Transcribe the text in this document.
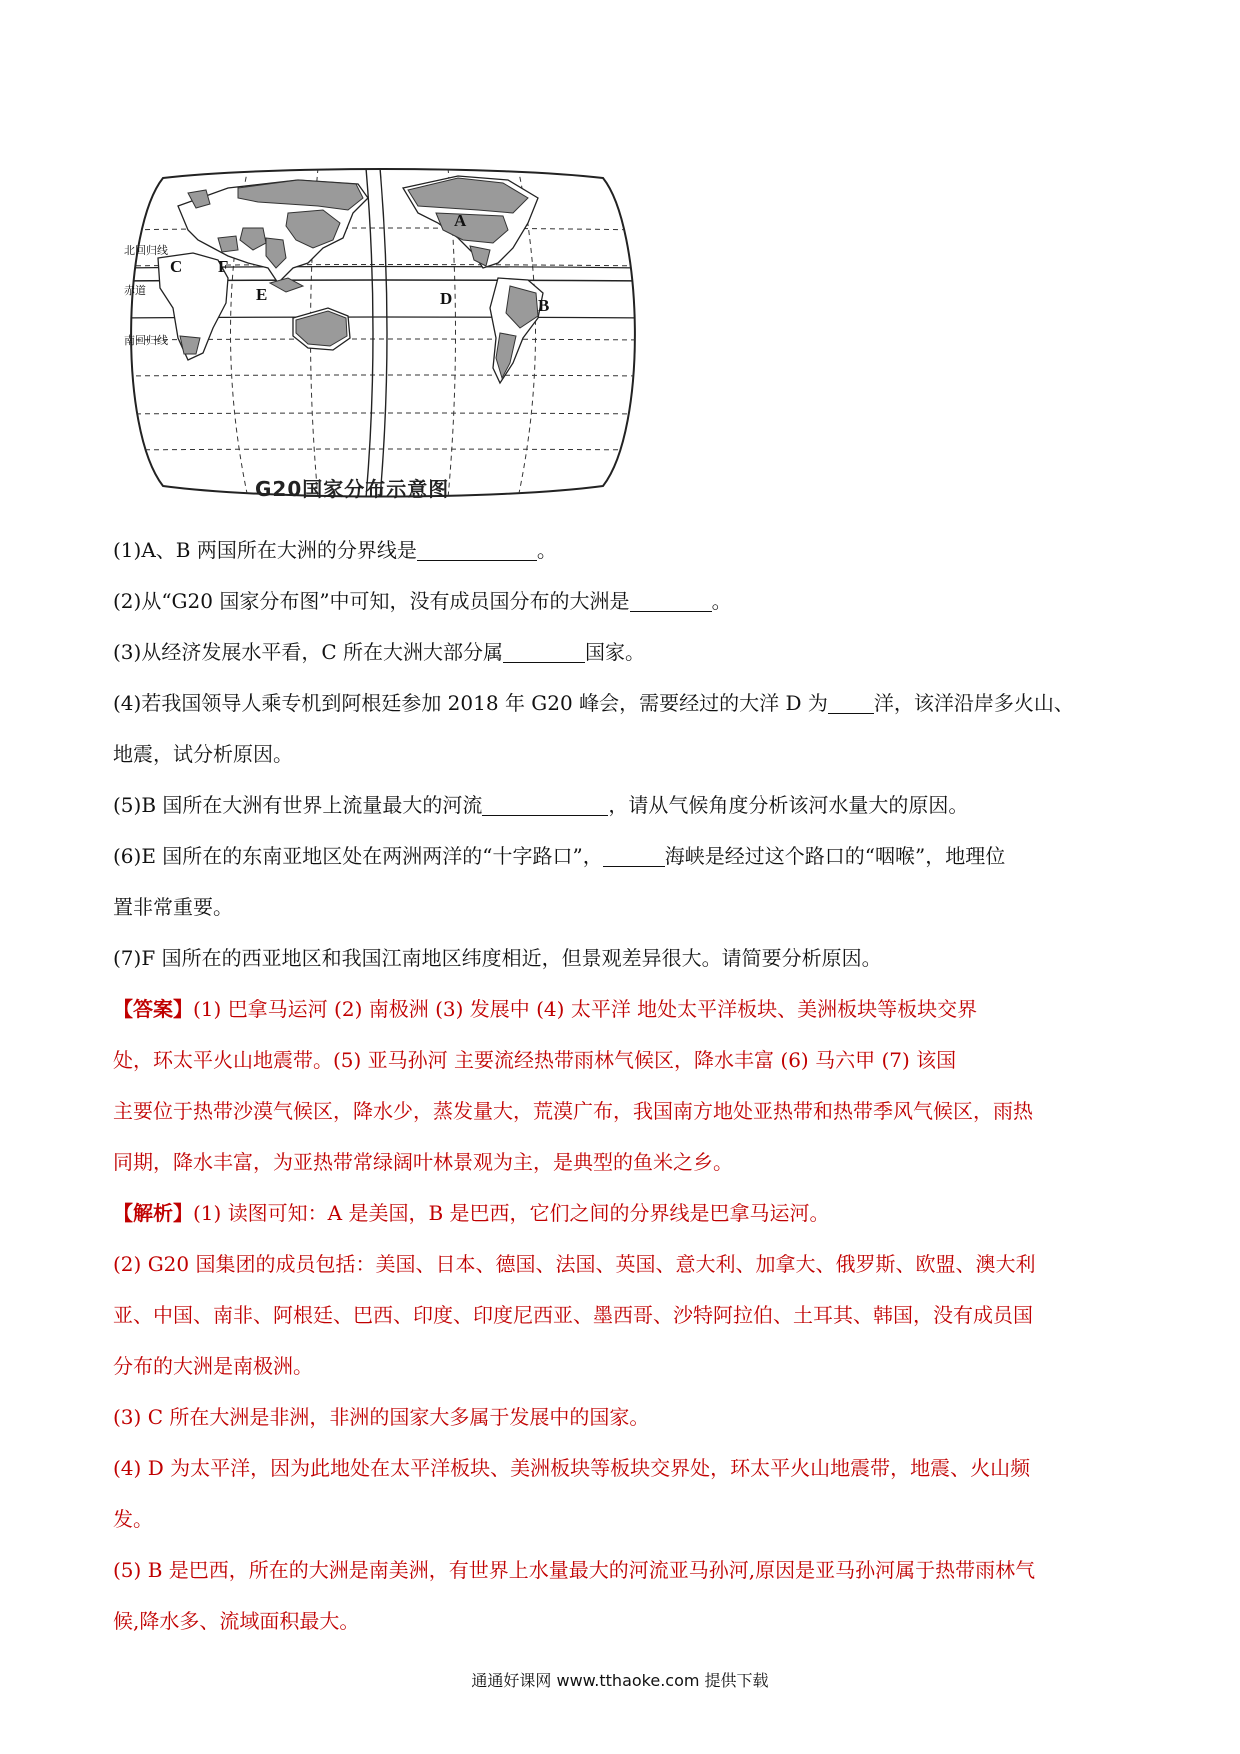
A
B
C
D
E
F
北回归线
赤道
南回归线
G20国家分布示意图
(1)A、B 两国所在大洲的分界线是	。
(2)从“G20 国家分布图”中可知，没有成员国分布的大洲是	。
(3)从经济发展水平看，C 所在大洲大部分属	国家。
(4)若我国领导人乘专机到阿根廷参加 2018 年 G20 峰会，需要经过的大洋 D 为 洋，该洋沿岸多火山、
地震，试分析原因。
(5)B 国所在大洲有世界上流量最大的河流	，请从气候角度分析该河水量大的原因。
(6)E 国所在的东南亚地区处在两洲两洋的“十字路口”，	海峡是经过这个路口的“咽喉”，地理位
置非常重要。
(7)F 国所在的西亚地区和我国江南地区纬度相近，但景观差异很大。请简要分析原因。
【答案】(1) 巴拿马运河 (2) 南极洲 (3) 发展中 (4) 太平洋 地处太平洋板块、美洲板块等板块交界
处，环太平火山地震带。(5) 亚马孙河 主要流经热带雨林气候区，降水丰富 (6) 马六甲 (7) 该国
主要位于热带沙漠气候区，降水少，蒸发量大，荒漠广布，我国南方地处亚热带和热带季风气候区，雨热
同期，降水丰富，为亚热带常绿阔叶林景观为主，是典型的鱼米之乡。
【解析】(1) 读图可知：A 是美国，B 是巴西，它们之间的分界线是巴拿马运河。
(2) G20 国集团的成员包括：美国、日本、德国、法国、英国、意大利、加拿大、俄罗斯、欧盟、澳大利
亚、中国、南非、阿根廷、巴西、印度、印度尼西亚、墨西哥、沙特阿拉伯、土耳其、韩国，没有成员国
分布的大洲是南极洲。
(3) C 所在大洲是非洲，非洲的国家大多属于发展中的国家。
(4) D 为太平洋，因为此地处在太平洋板块、美洲板块等板块交界处，环太平火山地震带，地震、火山频
发。
(5) B 是巴西，所在的大洲是南美洲，有世界上水量最大的河流亚马孙河,原因是亚马孙河属于热带雨林气
候,降水多、流域面积最大。
通通好课网 www.tthaoke.com 提供下载
